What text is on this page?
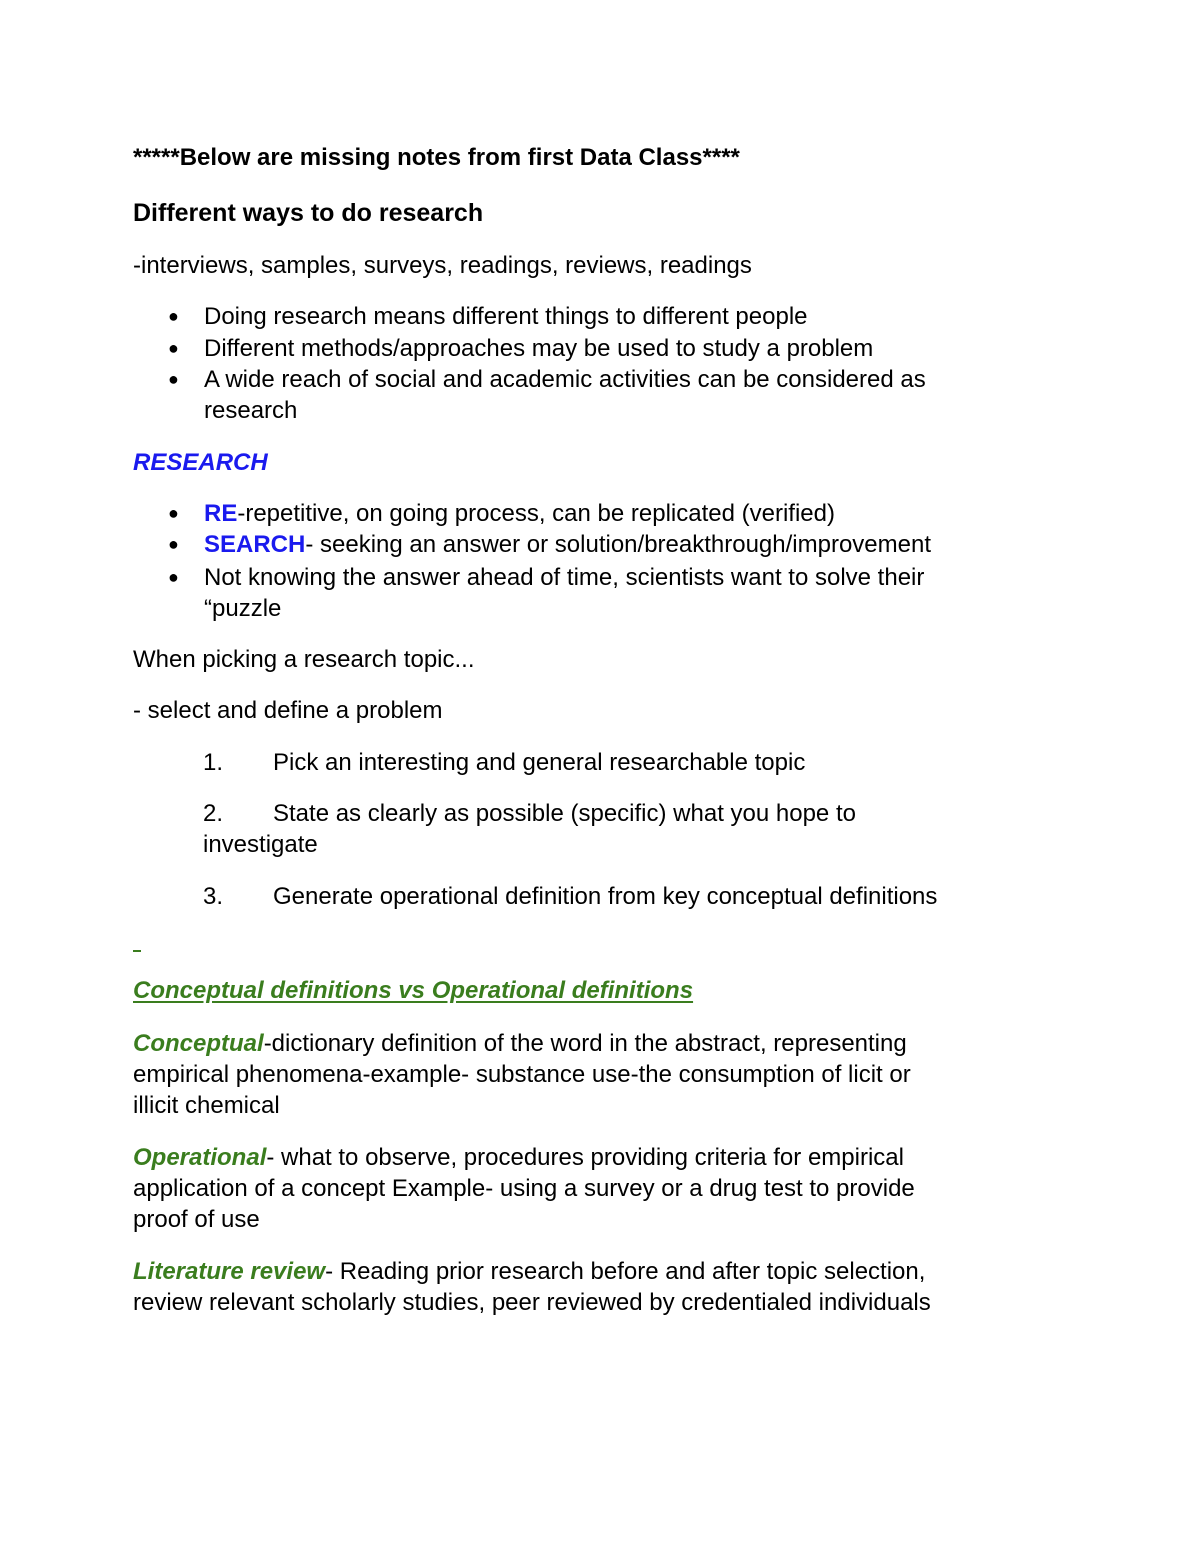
*****Below are missing notes from first Data Class****
Different ways to do research
-interviews, samples, surveys, readings, reviews, readings
● Doing research means different things to different people
● Different methods/approaches may be used to study a problem
● A wide reach of social and academic activities can be considered as
research
RESEARCH
● RE-repetitive, on going process, can be replicated (verified)
● SEARCH- seeking an answer or solution/breakthrough/improvement
● Not knowing the answer ahead of time, scientists want to solve their
“puzzle
When picking a research topic...
- select and define a problem
1. Pick an interesting and general researchable topic
2. State as clearly as possible (specific) what you hope to
investigate
3. Generate operational definition from key conceptual definitions
Conceptual definitions vs Operational definitions
Conceptual-dictionary definition of the word in the abstract, representing
empirical phenomena-example- substance use-the consumption of licit or
illicit chemical
Operational- what to observe, procedures providing criteria for empirical
application of a concept Example- using a survey or a drug test to provide
proof of use
Literature review- Reading prior research before and after topic selection,
review relevant scholarly studies, peer reviewed by credentialed individuals
